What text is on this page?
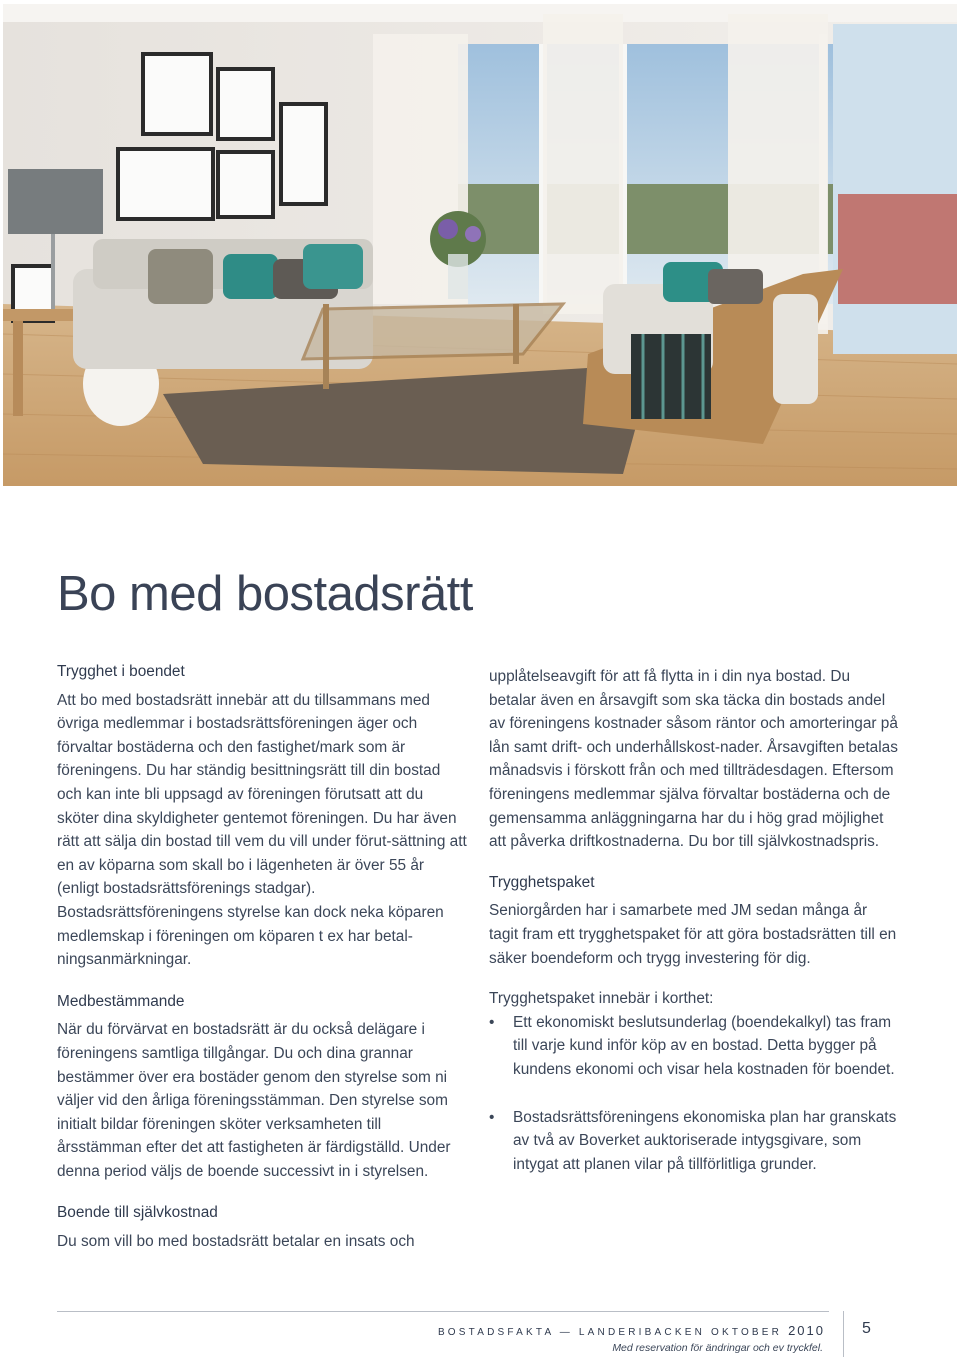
Bo med bostadsrätt
Trygghet i boendet

Att bo med bostadsrätt innebär att du tillsammans med övriga medlemmar i bostadsrättsföreningen äger och förvaltar bostäderna och den fastighet/mark som är föreningens. Du har ständig besittningsrätt till din bostad och kan inte bli uppsagd av föreningen förutsatt att du sköter dina skyldigheter gentemot föreningen. Du har även rätt att sälja din bostad till vem du vill under förut-sättning att en av köparna som skall bo i lägenheten är över 55 år (enligt bostadsrättsförenings stadgar). Bostadsrättsföreningens styrelse kan dock neka köparen medlemskap i föreningen om köparen t ex har betal-ningsanmärkningar.

Medbestämmande

När du förvärvat en bostadsrätt är du också delägare i föreningens samtliga tillgångar. Du och dina grannar bestämmer över era bostäder genom den styrelse som ni väljer vid den årliga föreningsstämman. Den styrelse som initialt bildar föreningen sköter verksamheten till årsstämman efter det att fastigheten är färdigställd. Under denna period väljs de boende successivt in i styrelsen.

Boende till självkostnad

Du som vill bo med bostadsrätt betalar en insats och

upplåtelseavgift för att få flytta in i din nya bostad. Du betalar även en årsavgift som ska täcka din bostads andel av föreningens kostnader såsom räntor och amorteringar på lån samt drift- och underhållskost-nader. Årsavgiften betalas månadsvis i förskott från och med tillträdesdagen. Eftersom föreningens medlemmar själva förvaltar bostäderna och de gemensamma anläggningarna har du i hög grad möjlighet att påverka driftkostnaderna. Du bor till självkostnadspris.

Trygghetspaket

Seniorgården har i samarbete med JM sedan många år tagit fram ett trygghetspaket för att göra bostadsrätten till en säker boendeform och trygg investering för dig.

Trygghetspaket innebär i korthet:

• Ett ekonomiskt beslutsunderlag (boendekalkyl) tas fram till varje kund inför köp av en bostad. Detta bygger på kundens ekonomi och visar hela kostnaden för boendet.
• Bostadsrättsföreningens ekonomiska plan har granskats av två av Boverket auktoriserade intygsgivare, som intygat att planen vilar på tillförlitliga grunder.
BOSTADSFAKTA — LANDERIBACKEN OKTOBER 2010 5
Med reservation för ändringar och ev tryckfel.
